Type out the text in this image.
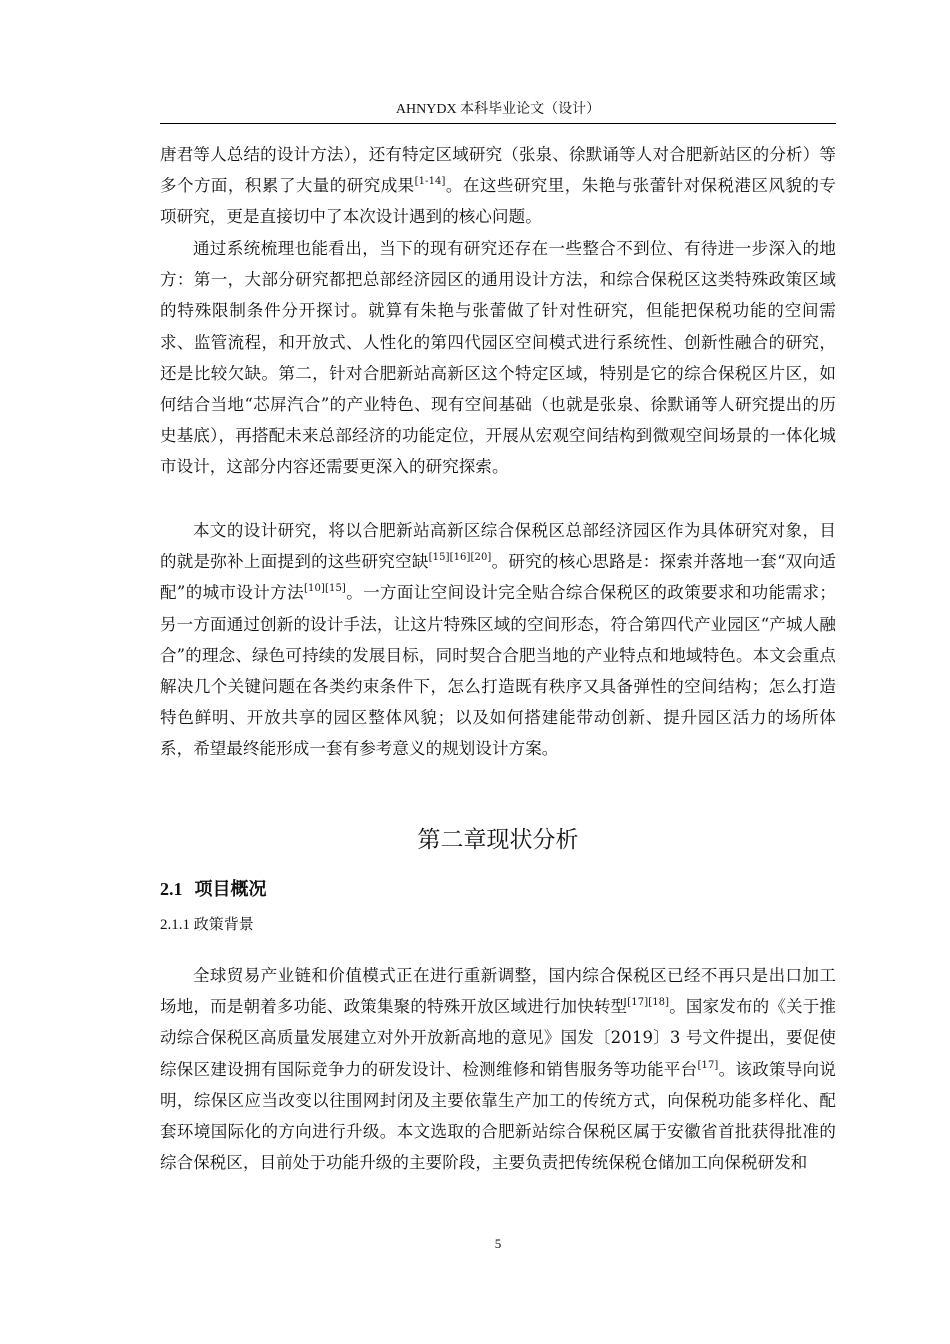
AHNYDX 本科毕业论文（设计）

唐君等人总结的设计方法），还有特定区域研究（张泉、徐默诵等人对合肥新站区的分析）等多个方面，积累了大量的研究成果[1-14]。在这些研究里，朱艳与张蕾针对保税港区风貌的专项研究，更是直接切中了本次设计遇到的核心问题。

通过系统梳理也能看出，当下的现有研究还存在一些整合不到位、有待进一步深入的地方：第一，大部分研究都把总部经济园区的通用设计方法，和综合保税区这类特殊政策区域的特殊限制条件分开探讨。就算有朱艳与张蕾做了针对性研究，但能把保税功能的空间需求、监管流程，和开放式、人性化的第四代园区空间模式进行系统性、创新性融合的研究，还是比较欠缺。第二，针对合肥新站高新区这个特定区域，特别是它的综合保税区片区，如何结合当地“芯屏汽合”的产业特色、现有空间基础（也就是张泉、徐默诵等人研究提出的历史基底），再搭配未来总部经济的功能定位，开展从宏观空间结构到微观空间场景的一体化城市设计，这部分内容还需要更深入的研究探索。

本文的设计研究，将以合肥新站高新区综合保税区总部经济园区作为具体研究对象，目的就是弥补上面提到的这些研究空缺[15][16][20]。研究的核心思路是：探索并落地一套“双向适配”的城市设计方法[10][15]。一方面让空间设计完全贴合综合保税区的政策要求和功能需求；另一方面通过创新的设计手法，让这片特殊区域的空间形态，符合第四代产业园区“产城人融合”的理念、绿色可持续的发展目标，同时契合合肥当地的产业特点和地域特色。本文会重点解决几个关键问题在各类约束条件下，怎么打造既有秩序又具备弹性的空间结构；怎么打造特色鲜明、开放共享的园区整体风貌；以及如何搭建能带动创新、提升园区活力的场所体系，希望最终能形成一套有参考意义的规划设计方案。

第二章现状分析
2.1 项目概况
2.1.1 政策背景

全球贸易产业链和价值模式正在进行重新调整，国内综合保税区已经不再只是出口加工场地，而是朝着多功能、政策集聚的特殊开放区域进行加快转型[17][18]。国家发布的《关于推动综合保税区高质量发展建立对外开放新高地的意见》国发〔2019〕3 号文件提出，要促使综保区建设拥有国际竞争力的研发设计、检测维修和销售服务等功能平台[17]。该政策导向说明，综保区应当改变以往围网封闭及主要依靠生产加工的传统方式，向保税功能多样化、配套环境国际化的方向进行升级。本文选取的合肥新站综合保税区属于安徽省首批获得批准的综合保税区，目前处于功能升级的主要阶段，主要负责把传统保税仓储加工向保税研发和

5
